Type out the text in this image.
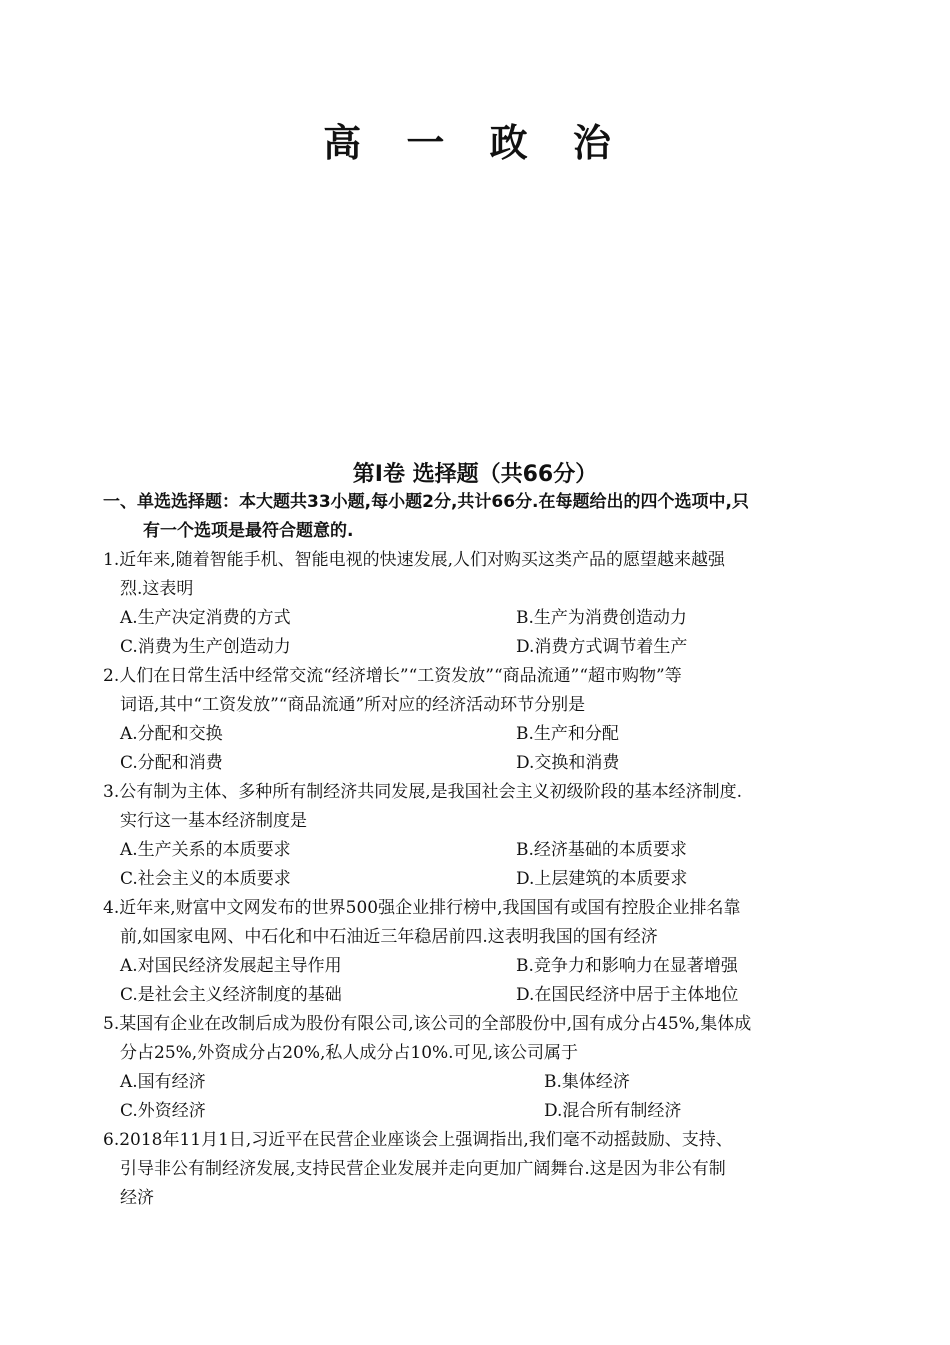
高 一 政 治
第Ⅰ卷 选择题（共66分）
一、单选选择题：本大题共33小题,每小题2分,共计66分.在每题给出的四个选项中,只
有一个选项是最符合题意的.
1.近年来,随着智能手机、智能电视的快速发展,人们对购买这类产品的愿望越来越强
烈.这表明
A.生产决定消费的方式	B.生产为消费创造动力
C.消费为生产创造动力	D.消费方式调节着生产
2.人们在日常生活中经常交流“经济增长”“工资发放”“商品流通”“超市购物”等
词语,其中“工资发放”“商品流通”所对应的经济活动环节分别是
A.分配和交换	B.生产和分配
C.分配和消费	D.交换和消费
3.公有制为主体、多种所有制经济共同发展,是我国社会主义初级阶段的基本经济制度.
实行这一基本经济制度是
A.生产关系的本质要求	B.经济基础的本质要求
C.社会主义的本质要求	D.上层建筑的本质要求
4.近年来,财富中文网发布的世界500强企业排行榜中,我国国有或国有控股企业排名靠
前,如国家电网、中石化和中石油近三年稳居前四.这表明我国的国有经济
A.对国民经济发展起主导作用	B.竞争力和影响力在显著增强
C.是社会主义经济制度的基础	D.在国民经济中居于主体地位
5.某国有企业在改制后成为股份有限公司,该公司的全部股份中,国有成分占45%,集体成
分占25%,外资成分占20%,私人成分占10%.可见,该公司属于
A.国有经济	B.集体经济
C.外资经济	D.混合所有制经济
6.2018年11月1日,习近平在民营企业座谈会上强调指出,我们毫不动摇鼓励、支持、
引导非公有制经济发展,支持民营企业发展并走向更加广阔舞台.这是因为非公有制
经济
